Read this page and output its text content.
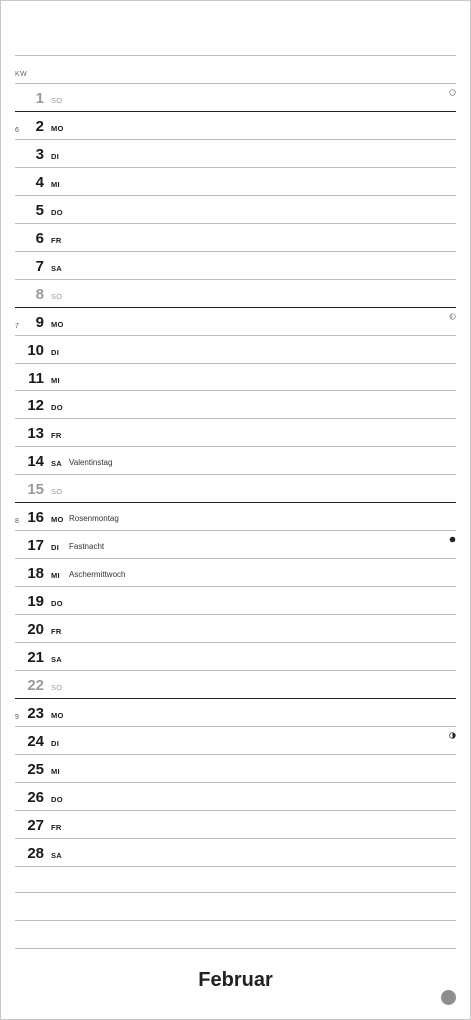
KW
1 SO
6	2 MO
3 DI
4 MI
5 DO
6 FR
7 SA
8 SO
7	9 MO
10 DI
11 MI
12 DO
13 FR
14 SA Valentinstag
15 SO
8 16 MO Rosenmontag
17 DI Fastnacht
18 MI Aschermittwoch
19 DO
20 FR
21 SA
22 SO
9 23 MO
24 DI
25 MI
26 DO
27 FR
28 SA
Februar
